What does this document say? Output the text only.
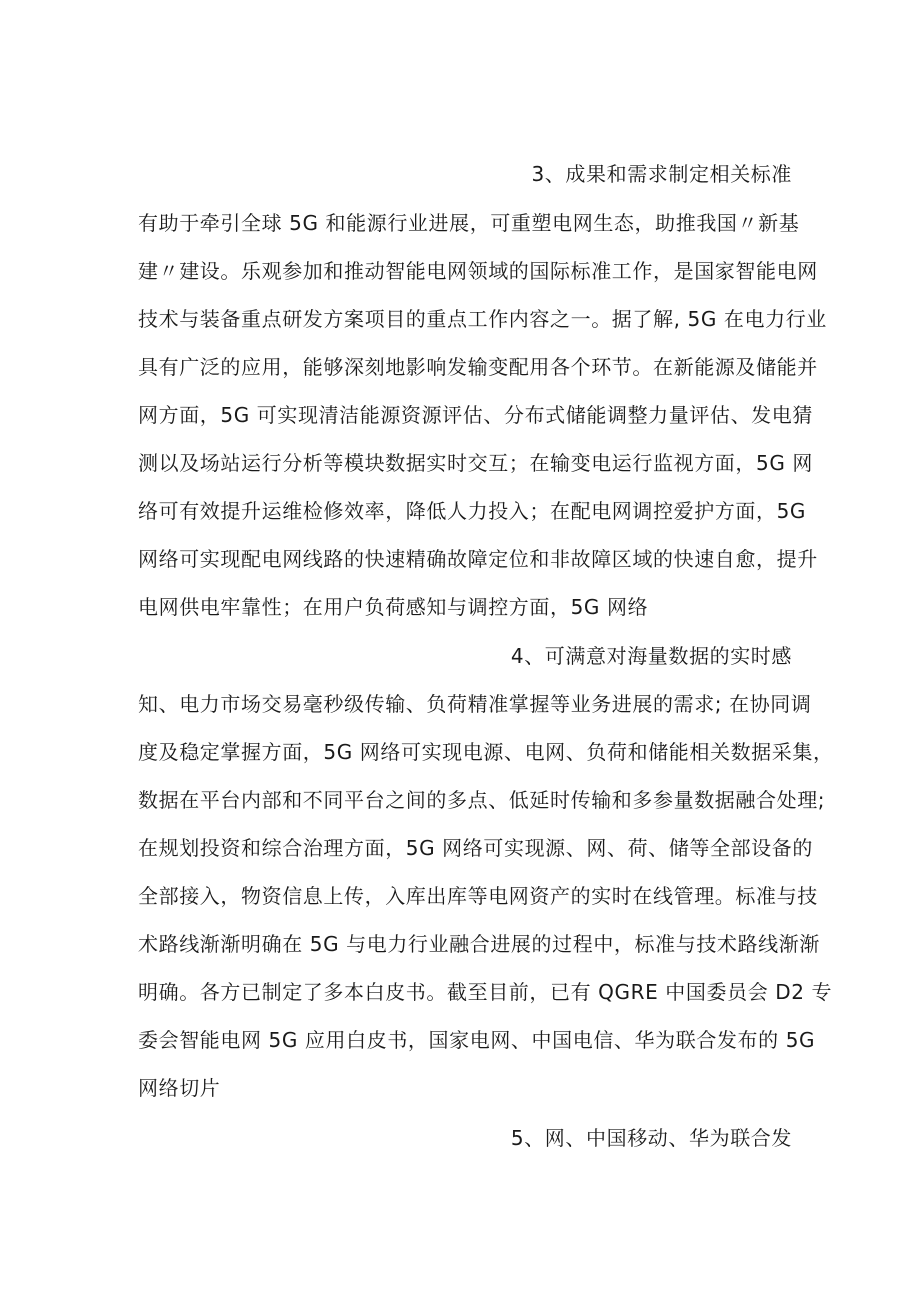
3、成果和需求制定相关标准
有助于牵引全球 5G 和能源行业进展，可重塑电网生态，助推我国〃新基
建〃建设。乐观参加和推动智能电网领域的国际标准工作，是国家智能电网
技术与装备重点研发方案项目的重点工作内容之一。据了解, 5G 在电力行业
具有广泛的应用，能够深刻地影响发输变配用各个环节。在新能源及储能并
网方面，5G 可实现清洁能源资源评估、分布式储能调整力量评估、发电猜
测以及场站运行分析等模块数据实时交互；在输变电运行监视方面，5G 网
络可有效提升运维检修效率，降低人力投入；在配电网调控爱护方面，5G
网络可实现配电网线路的快速精确故障定位和非故障区域的快速自愈，提升
电网供电牢靠性；在用户负荷感知与调控方面，5G 网络
4、可满意对海量数据的实时感
知、电力市场交易毫秒级传输、负荷精准掌握等业务进展的需求; 在协同调
度及稳定掌握方面，5G 网络可实现电源、电网、负荷和储能相关数据采集，
数据在平台内部和不同平台之间的多点、低延时传输和多参量数据融合处理;
在规划投资和综合治理方面，5G 网络可实现源、网、荷、储等全部设备的
全部接入，物资信息上传，入库出库等电网资产的实时在线管理。标准与技
术路线渐渐明确在 5G 与电力行业融合进展的过程中，标准与技术路线渐渐
明确。各方已制定了多本白皮书。截至目前，已有 QGRE 中国委员会 D2 专
委会智能电网 5G 应用白皮书，国家电网、中国电信、华为联合发布的 5G
网络切片
5、网、中国移动、华为联合发
